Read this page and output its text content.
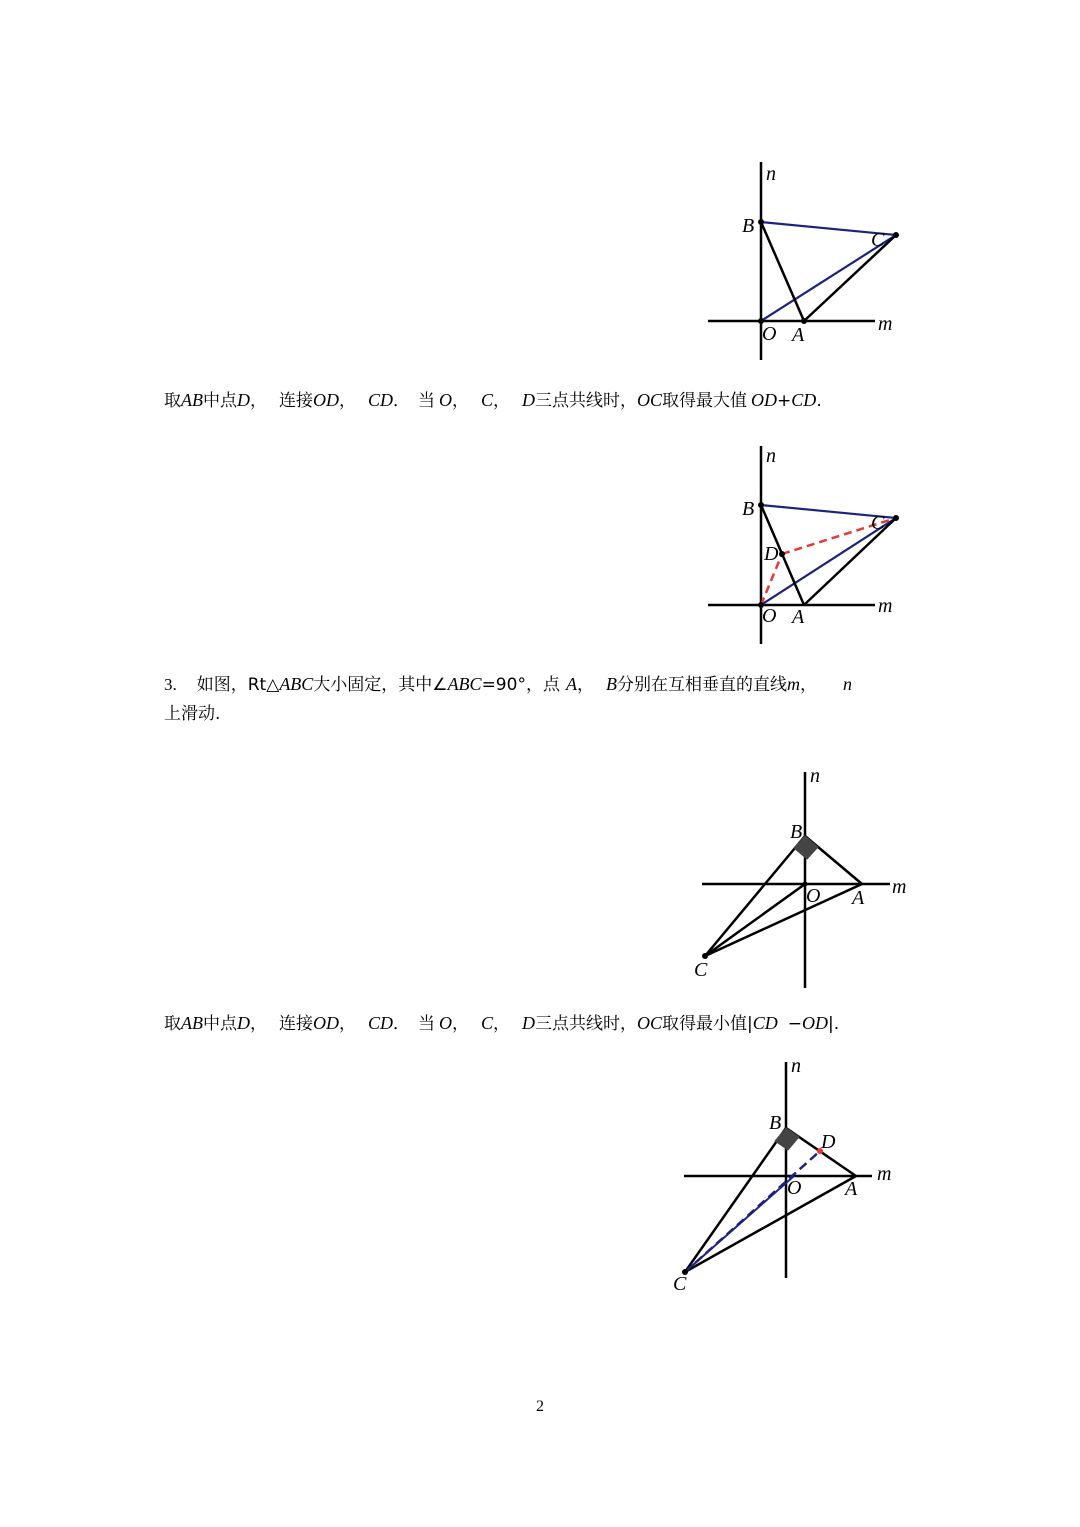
n
B
C
m
O A
取AB中点D， 连接OD， CD． 当 O， C， D三点共线时，OC取得最大值 OD+CD.
n
B
C
D
m
O A
3. 如图，Rt△ABC大小固定，其中∠ABC=90°，点 A， B分别在互相垂直的直线m， n
上滑动.
n
B
m
O A
C
取AB中点D， 连接OD， CD． 当 O， C， D三点共线时，OC取得最小值|CD −OD|.
n
B
D
m
O A
C
2
